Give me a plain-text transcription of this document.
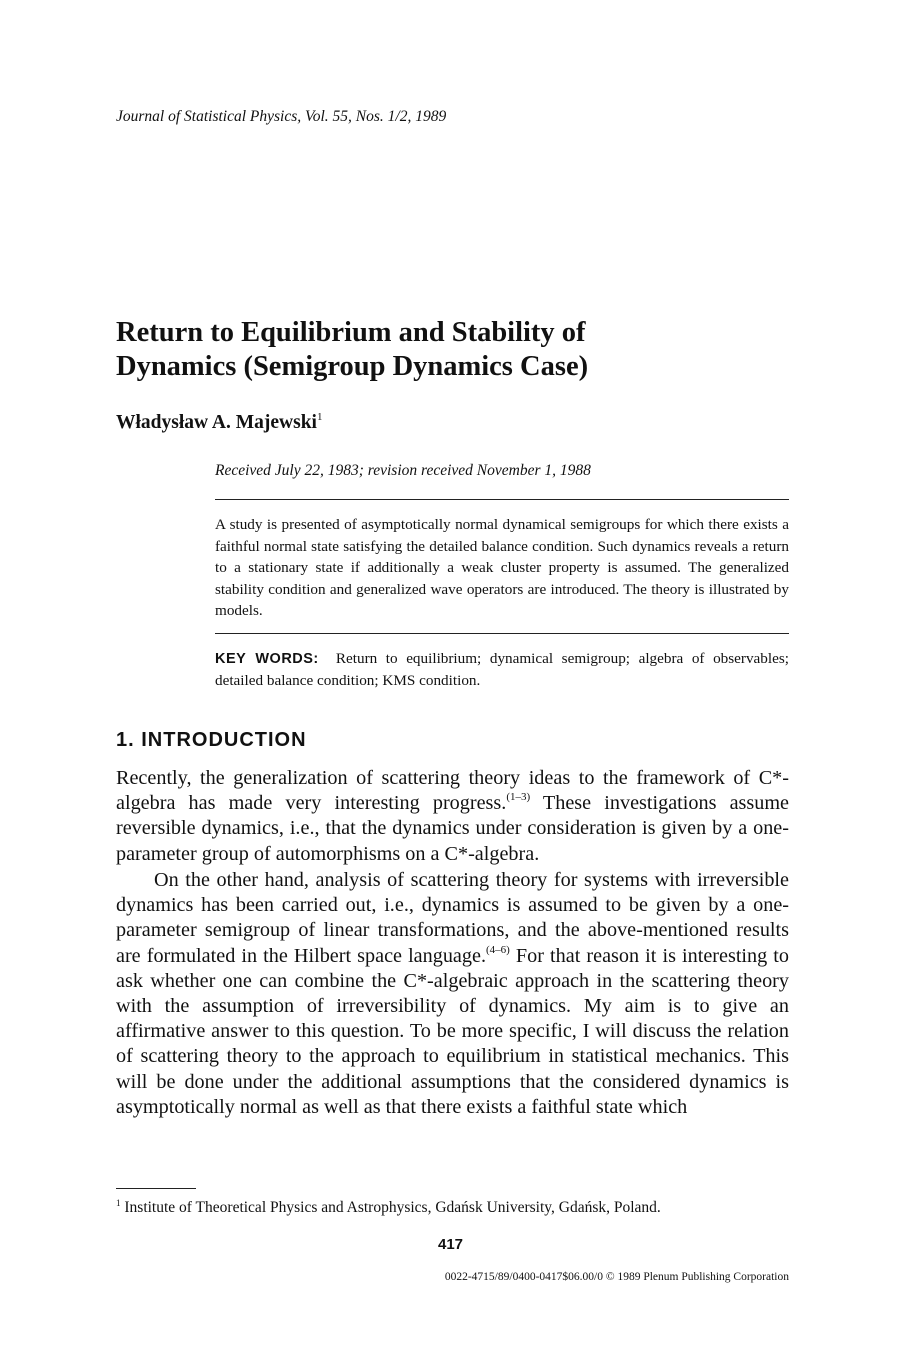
Journal of Statistical Physics, Vol. 55, Nos. 1/2, 1989
Return to Equilibrium and Stability of
Dynamics (Semigroup Dynamics Case)
Władysław A. Majewski$^1$
Received July 22, 1983; revision received November 1, 1988

A study is presented of asymptotically normal dynamical semigroups for which there exists a faithful normal state satisfying the detailed balance condition. Such dynamics reveals a return to a stationary state if additionally a weak cluster property is assumed. The generalized stability condition and generalized wave operators are introduced. The theory is illustrated by models.

KEY WORDS: Return to equilibrium; dynamical semigroup; algebra of observables; detailed balance condition; KMS condition.

1. INTRODUCTION

Recently, the generalization of scattering theory ideas to the framework of C*-algebra has made very interesting progress.$^{(1-3)}$ These investigations assume reversible dynamics, i.e., that the dynamics under consideration is given by a one-parameter group of automorphisms on a C*-algebra.

On the other hand, analysis of scattering theory for systems with irreversible dynamics has been carried out, i.e., dynamics is assumed to be given by a one-parameter semigroup of linear transformations, and the above-mentioned results are formulated in the Hilbert space language.$^{(4-6)}$ For that reason it is interesting to ask whether one can combine the C*-algebraic approach in the scattering theory with the assumption of irreversibility of dynamics. My aim is to give an affirmative answer to this question. To be more specific, I will discuss the relation of scattering theory to the approach to equilibrium in statistical mechanics. This will be done under the additional assumptions that the considered dynamics is asymptotically normal as well as that there exists a faithful state which

$^1$ Institute of Theoretical Physics and Astrophysics, Gdańsk University, Gdańsk, Poland.
417
0022-4715/89/0400-0417$06.00/0 © 1989 Plenum Publishing Corporation
